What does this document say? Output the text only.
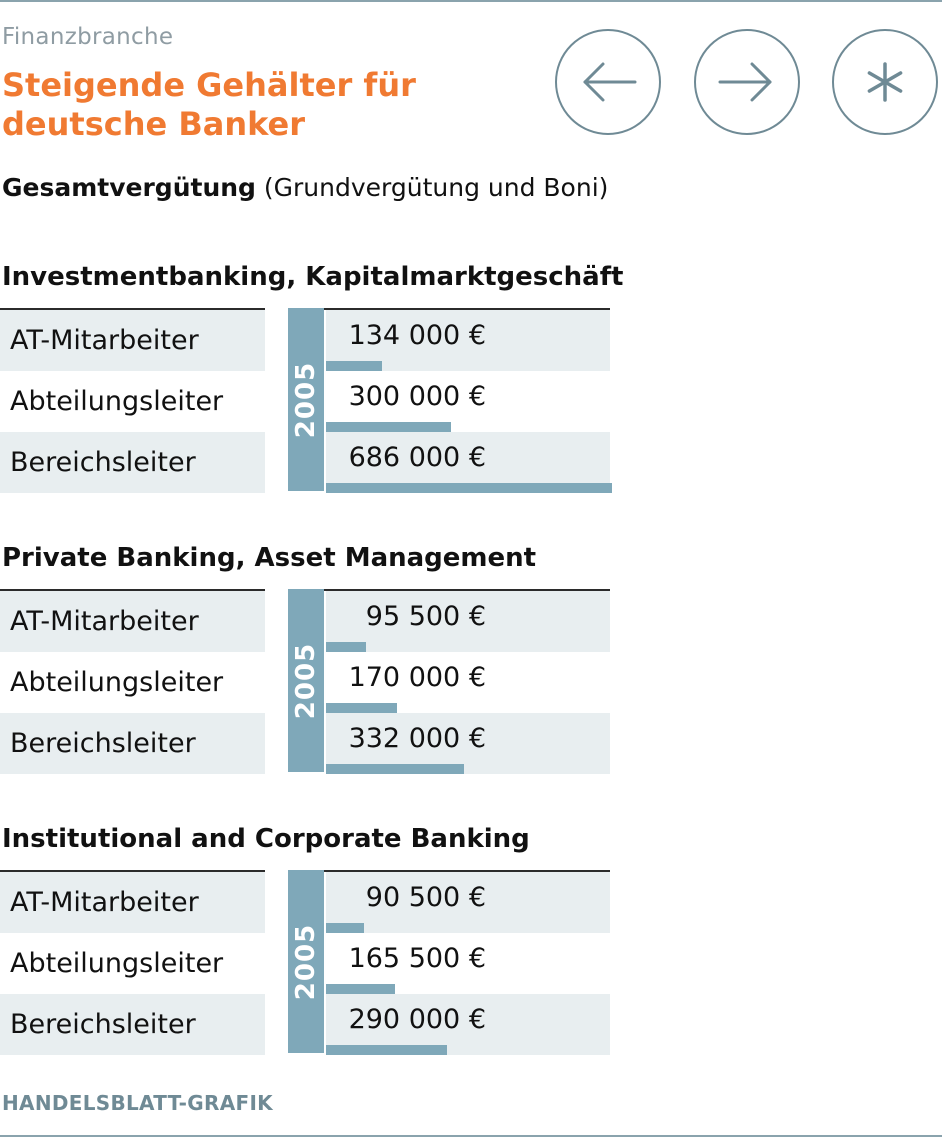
Finanzbranche
Steigende Gehälter für deutsche Banker
Gesamtvergütung (Grundvergütung und Boni)
Investmentbanking, Kapitalmarktgeschäft
2005
AT-Mitarbeiter	134 000 €
Abteilungsleiter	300 000 €
Bereichsleiter	686 000 €
Private Banking, Asset Management
2005
AT-Mitarbeiter	95 500 €
Abteilungsleiter	170 000 €
Bereichsleiter	332 000 €
Institutional and Corporate Banking
2005
AT-Mitarbeiter	90 500 €
Abteilungsleiter	165 500 €
Bereichsleiter	290 000 €
HANDELSBLATT-GRAFIK
